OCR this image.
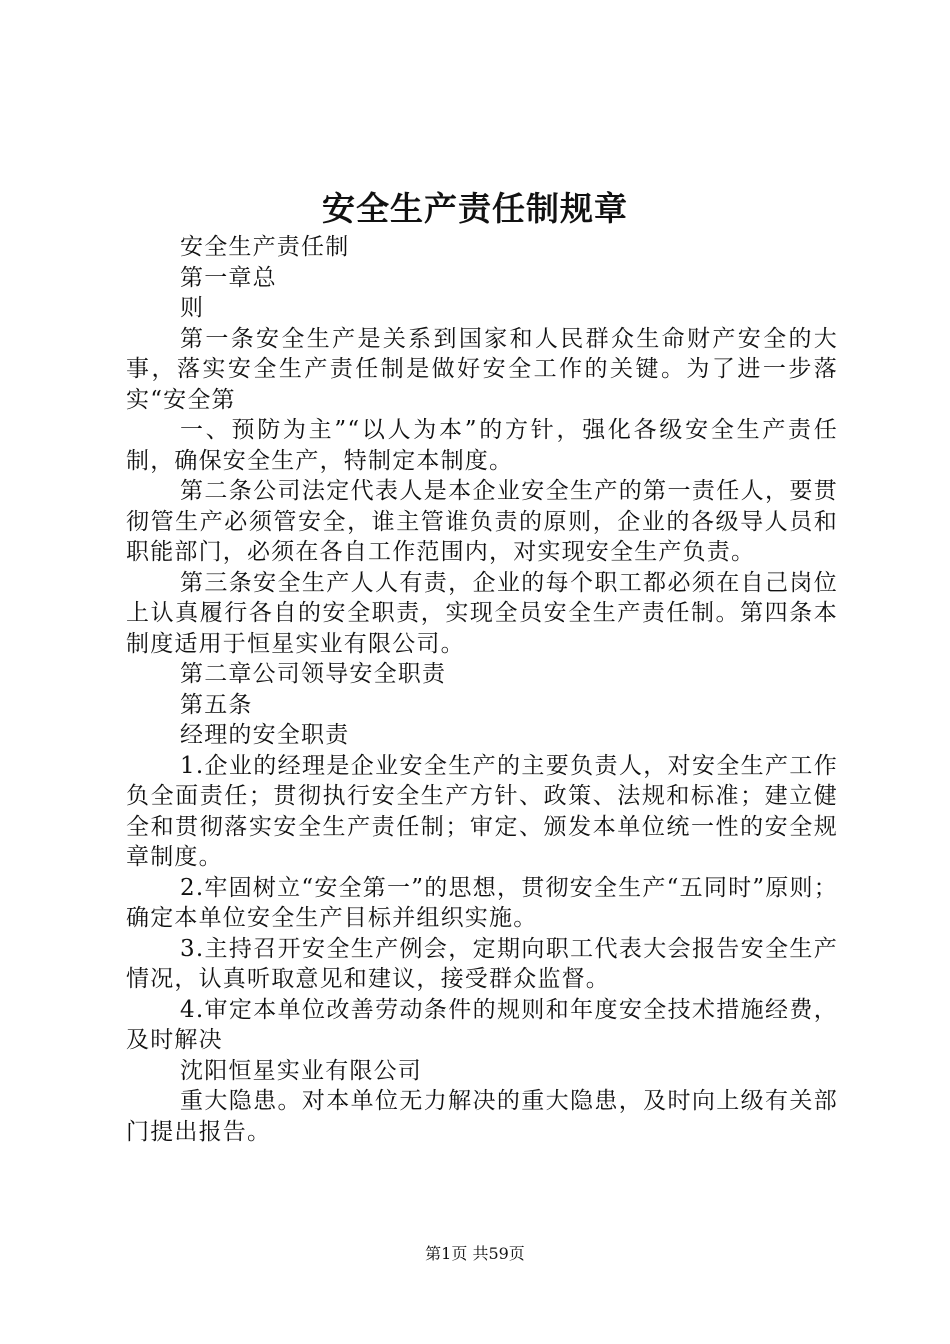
安全生产责任制规章

安全生产责任制

第一章总

则

第一条安全生产是关系到国家和人民群众生命财产安全的大事，落实安全生产责任制是做好安全工作的关键。为了进一步落实“安全第

一、预防为主”“以人为本”的方针，强化各级安全生产责任制，确保安全生产，特制定本制度。

第二条公司法定代表人是本企业安全生产的第一责任人，要贯彻管生产必须管安全，谁主管谁负责的原则，企业的各级导人员和职能部门，必须在各自工作范围内，对实现安全生产负责。

第三条安全生产人人有责，企业的每个职工都必须在自己岗位上认真履行各自的安全职责，实现全员安全生产责任制。第四条本制度适用于恒星实业有限公司。

第二章公司领导安全职责

第五条

经理的安全职责

1.企业的经理是企业安全生产的主要负责人，对安全生产工作负全面责任；贯彻执行安全生产方针、政策、法规和标准；建立健全和贯彻落实安全生产责任制；审定、颁发本单位统一性的安全规章制度。

2.牢固树立“安全第一”的思想，贯彻安全生产“五同时”原则；确定本单位安全生产目标并组织实施。

3.主持召开安全生产例会，定期向职工代表大会报告安全生产情况，认真听取意见和建议，接受群众监督。

4.审定本单位改善劳动条件的规则和年度安全技术措施经费，及时解决

沈阳恒星实业有限公司

重大隐患。对本单位无力解决的重大隐患，及时向上级有关部门提出报告。

第1页 共59页
